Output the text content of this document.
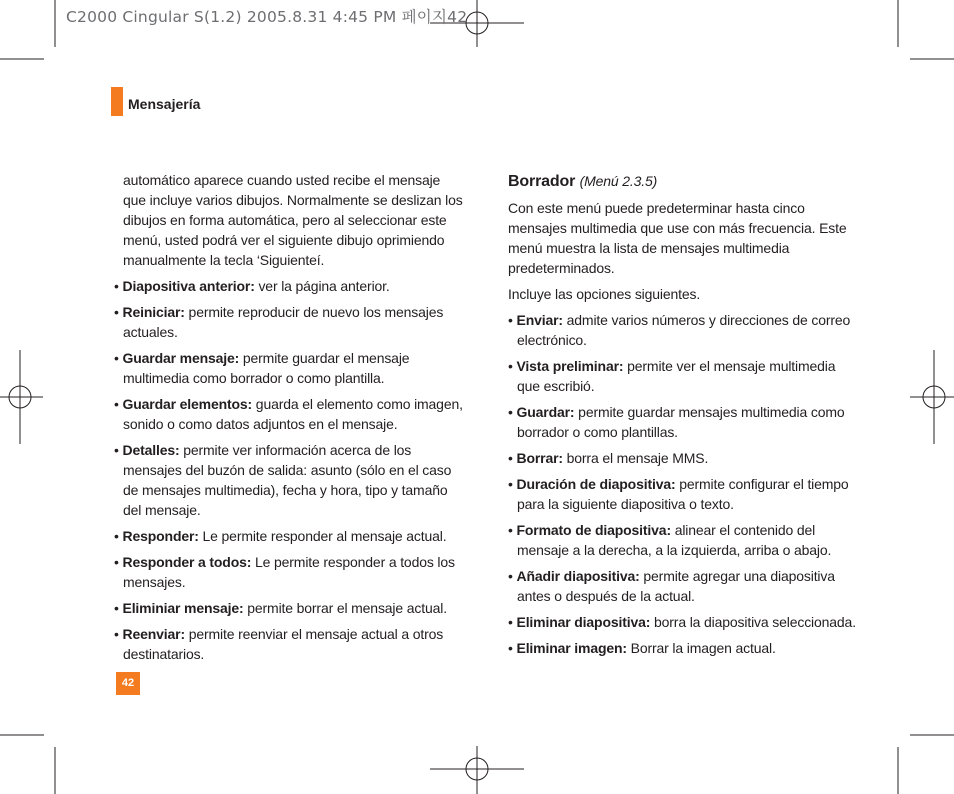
C2000 Cingular S(1.2) 2005.8.31 4:45 PM 페이지42
Mensajería

automático aparece cuando usted recibe el mensaje que incluye varios dibujos. Normalmente se deslizan los dibujos en forma automática, pero al seleccionar este menú, usted podrá ver el siguiente dibujo oprimiendo manualmente la tecla ‘Siguienteí.

• Diapositiva anterior: ver la página anterior.

• Reiniciar: permite reproducir de nuevo los mensajes actuales.

• Guardar mensaje: permite guardar el mensaje multimedia como borrador o como plantilla.

• Guardar elementos: guarda el elemento como imagen, sonido o como datos adjuntos en el mensaje.

• Detalles: permite ver información acerca de los mensajes del buzón de salida: asunto (sólo en el caso de mensajes multimedia), fecha y hora, tipo y tamaño del mensaje.

• Responder: Le permite responder al mensaje actual.

• Responder a todos: Le permite responder a todos los mensajes.

• Eliminiar mensaje: permite borrar el mensaje actual.

• Reenviar: permite reenviar el mensaje actual a otros destinatarios.

Borrador (Menú 2.3.5)

Con este menú puede predeterminar hasta cinco mensajes multimedia que use con más frecuencia. Este menú muestra la lista de mensajes multimedia predeterminados.

Incluye las opciones siguientes.

• Enviar: admite varios números y direcciones de correo electrónico.

• Vista preliminar: permite ver el mensaje multimedia que escribió.

• Guardar: permite guardar mensajes multimedia como borrador o como plantillas.

• Borrar: borra el mensaje MMS.

• Duración de diapositiva: permite configurar el tiempo para la siguiente diapositiva o texto.

• Formato de diapositiva: alinear el contenido del mensaje a la derecha, a la izquierda, arriba o abajo.

• Añadir diapositiva: permite agregar una diapositiva antes o después de la actual.

• Eliminar diapositiva: borra la diapositiva seleccionada.

• Eliminar imagen: Borrar la imagen actual.

42
